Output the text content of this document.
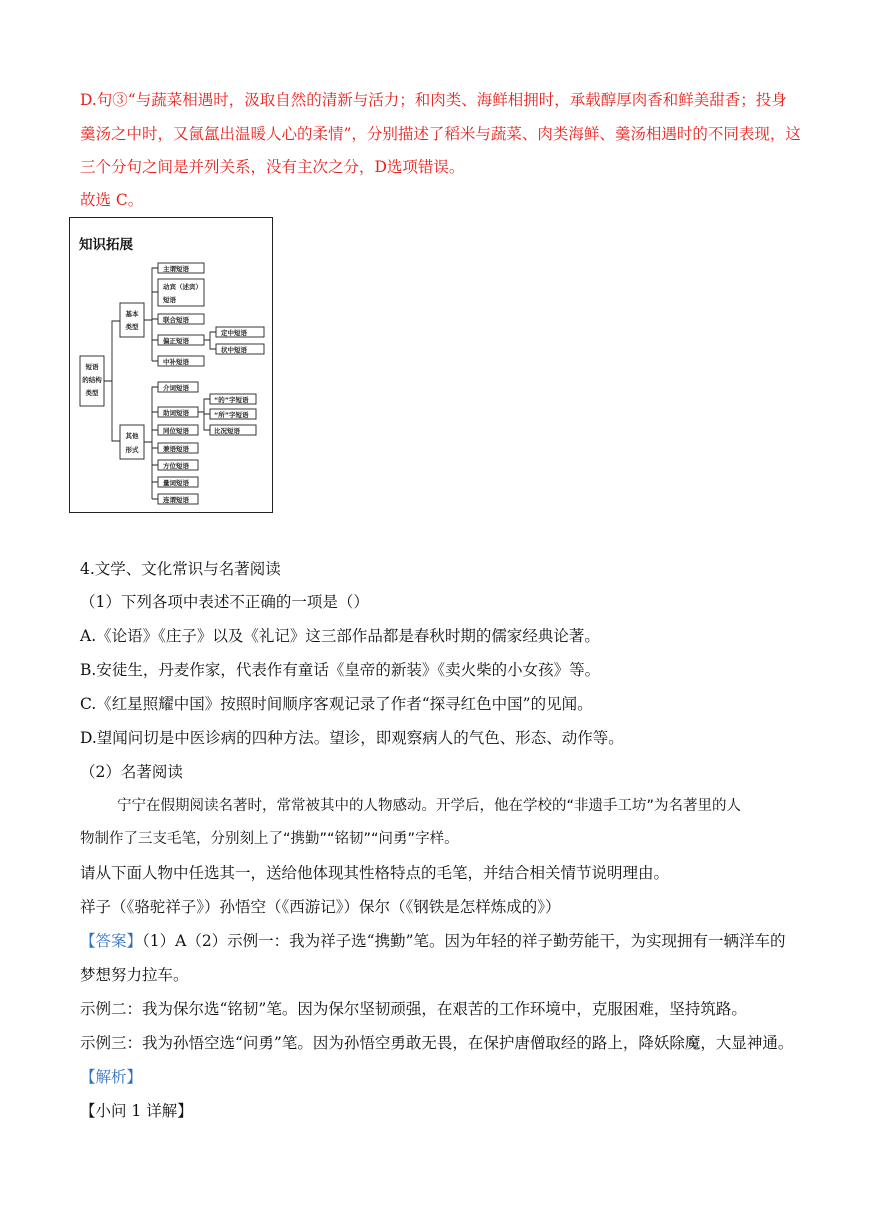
D.句③“与蔬菜相遇时，汲取自然的清新与活力；和肉类、海鲜相拥时，承载醇厚肉香和鲜美甜香；投身
羹汤之中时，又氤氲出温暖人心的柔情”，分别描述了稻米与蔬菜、肉类海鲜、羹汤相遇时的不同表现，这
三个分句之间是并列关系，没有主次之分，D选项错误。
故选 C。
知识拓展
短语
的结构
类型
基本
类型
其他
形式
主谓短语
动宾（述宾）
短语
联合短语
偏正短语
中补短语
定中短语
状中短语
介词短语
助词短语
同位短语
兼语短语
方位短语
量词短语
连谓短语
“的”字短语
“所”字短语
比况短语
4.文学、文化常识与名著阅读
（1）下列各项中表述不正确的一项是（）
A.《论语》《庄子》以及《礼记》这三部作品都是春秋时期的儒家经典论著。
B.安徒生，丹麦作家，代表作有童话《皇帝的新装》《卖火柴的小女孩》等。
C.《红星照耀中国》按照时间顺序客观记录了作者“探寻红色中国”的见闻。
D.望闻问切是中医诊病的四种方法。望诊，即观察病人的气色、形态、动作等。
（2）名著阅读
宁宁在假期阅读名著时，常常被其中的人物感动。开学后，他在学校的“非遗手工坊”为名著里的人
物制作了三支毛笔，分别刻上了“携勤”“铭韧”“问勇”字样。
请从下面人物中任选其一，送给他体现其性格特点的毛笔，并结合相关情节说明理由。
祥子（《骆驼祥子》）孙悟空（《西游记》）保尔（《钢铁是怎样炼成的》）
【答案】（1）A（2）示例一：我为祥子选“携勤”笔。因为年轻的祥子勤劳能干，为实现拥有一辆洋车的
梦想努力拉车。
示例二：我为保尔选“铭韧”笔。因为保尔坚韧顽强，在艰苦的工作环境中，克服困难，坚持筑路。
示例三：我为孙悟空选“问勇”笔。因为孙悟空勇敢无畏，在保护唐僧取经的路上，降妖除魔，大显神通。
【解析】
【小问 1 详解】
